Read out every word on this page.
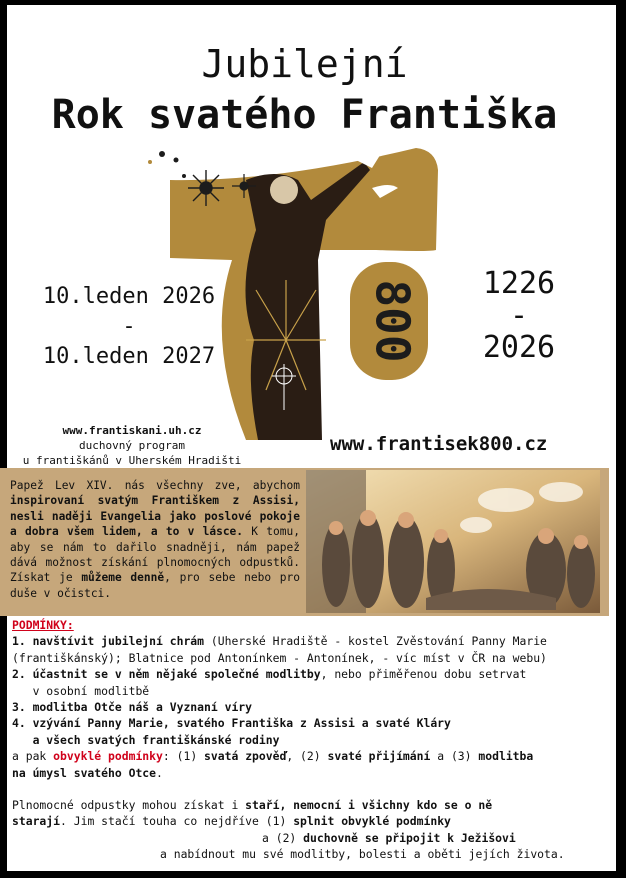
Jubilejní
Rok svatého Františka
800
10.leden 2026
-
10.leden 2027
1226
-
2026
www.frantiskani.uh.cz
duchovný program
u františkánů v Uherském Hradišti
www.frantisek800.cz
Papež Lev XIV. nás všechny zve, abychom inspirovaní svatým Františkem z Assisi, nesli naději Evangelia jako poslové pokoje a dobra všem lidem, a to v lásce. K tomu, aby se nám to dařilo snadněji, nám papež dává možnost získání plnomocných odpustků. Získat je můžeme denně, pro sebe nebo pro duše v očistci.
PODMÍNKY:
1. navštívit jubilejní chrám (Uherské Hradiště - kostel Zvěstování Panny Marie
(františkánský); Blatnice pod Antonínkem - Antonínek, - víc míst v ČR na webu)
2. účastnit se v něm nějaké společné modlitby, nebo přiměřenou dobu setrvat
v osobní modlitbě
3. modlitba Otče náš a Vyznaní víry
4. vzývání Panny Marie, svatého Františka z Assisi a svaté Kláry
a všech svatých františkánské rodiny
a pak obvyklé podmínky: (1) svatá zpověď, (2) svaté přijímání a (3) modlitba
na úmysl svatého Otce.
Plnomocné odpustky mohou získat i staří, nemocní i všichny kdo se o ně
starají. Jim stačí touha co nejdříve (1) splnit obvyklé podmínky
a (2) duchovně se připojit k Ježišovi
a nabídnout mu své modlitby, bolesti a oběti jejích života.
